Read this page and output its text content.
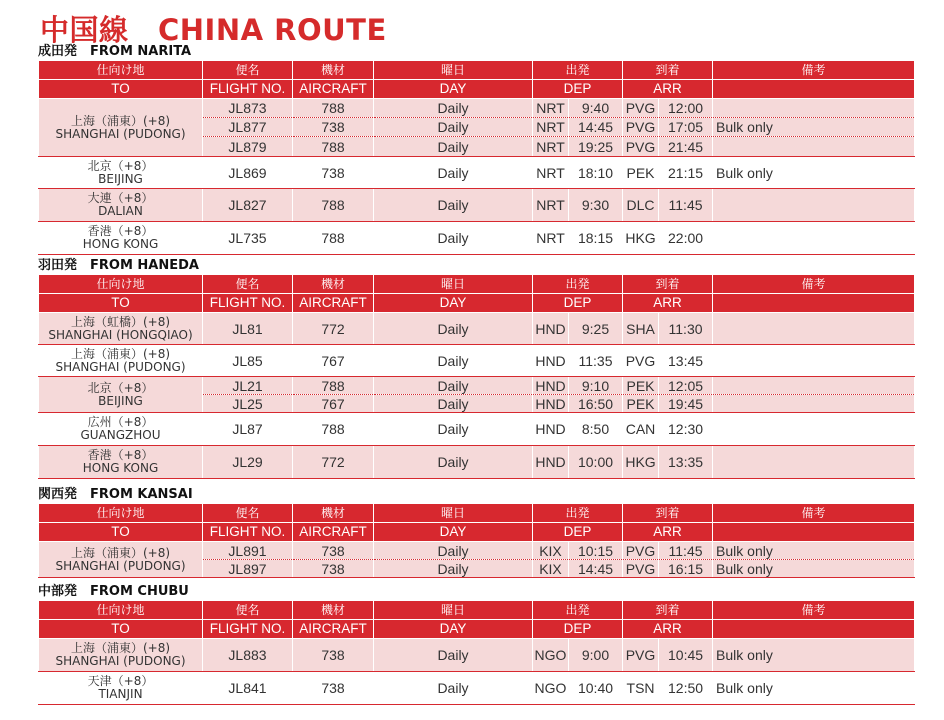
中国線　CHINA ROUTE
成田発　FROM NARITA
仕向け地	便名	機材	曜日	出発		到着		備考
TO	FLIGHT NO.	AIRCRAFT	DAY	DEP		ARR		

上海（浦東）(+8)
SHANGHAI (PUDONG)	JL873	788	Daily	NRT	9:40	PVG	12:00	
	JL877	738	Daily	NRT	14:45	PVG	17:05	Bulk only
	JL879	788	Daily	NRT	19:25	PVG	21:45	

北京（+8）
BEIJING	JL869	738	Daily	NRT	18:10	PEK	21:15	Bulk only

大連（+8）
DALIAN	JL827	788	Daily	NRT	9:30	DLC	11:45	

香港（+8）
HONG KONG	JL735	788	Daily	NRT	18:15	HKG	22:00	
羽田発　FROM HANEDA
仕向け地	便名	機材	曜日	出発		到着		備考
TO	FLIGHT NO.	AIRCRAFT	DAY	DEP		ARR		

上海（虹橋）(+8)
SHANGHAI (HONGQIAO)	JL81	772	Daily	HND	9:25	SHA	11:30	

上海（浦東）(+8)
SHANGHAI (PUDONG)	JL85	767	Daily	HND	11:35	PVG	13:45	

北京（+8）
BEIJING	JL21	788	Daily	HND	9:10	PEK	12:05	
	JL25	767	Daily	HND	16:50	PEK	19:45	

広州（+8）
GUANGZHOU	JL87	788	Daily	HND	8:50	CAN	12:30	

香港（+8）
HONG KONG	JL29	772	Daily	HND	10:00	HKG	13:35	
関西発　FROM KANSAI
仕向け地	便名	機材	曜日	出発		到着		備考
TO	FLIGHT NO.	AIRCRAFT	DAY	DEP		ARR		

上海（浦東）(+8)
SHANGHAI (PUDONG)	JL891	738	Daily	KIX	10:15	PVG	11:45	Bulk only
	JL897	738	Daily	KIX	14:45	PVG	16:15	Bulk only
中部発　FROM CHUBU
仕向け地	便名	機材	曜日	出発		到着		備考
TO	FLIGHT NO.	AIRCRAFT	DAY	DEP		ARR		

上海（浦東）(+8)
SHANGHAI (PUDONG)	JL883	738	Daily	NGO	9:00	PVG	10:45	Bulk only

天津（+8）
TIANJIN	JL841	738	Daily	NGO	10:40	TSN	12:50	Bulk only
